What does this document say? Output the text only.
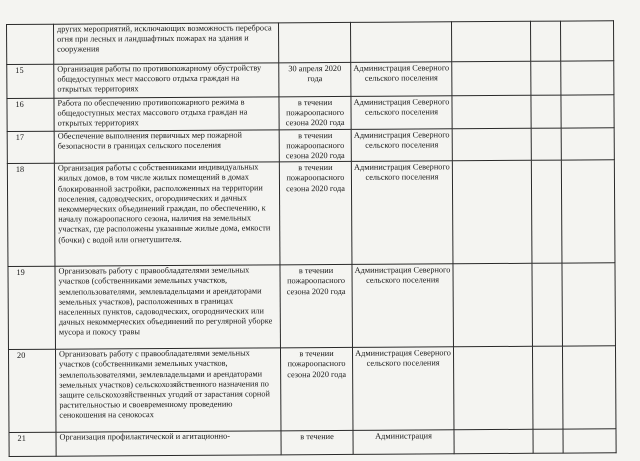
	других мероприятий, исключающих возможность переброса огня при лесных и ландшафтных пожарах на здания и сооружения					
15	Организация работы по противопожарному обустройству общедоступных мест массового отдыха граждан на открытых территориях	30 апреля 2020 года	Администрация Северного сельского поселения			
16	Работа по обеспечению противопожарного режима в общедоступных местах массового отдыха граждан на открытых территориях	в течении пожароопасного сезона 2020 года	Администрация Северного сельского поселения			
17	Обеспечение выполнения первичных мер пожарной безопасности в границах сельского поселения	в течении пожароопасного сезона 2020 года	Администрация Северного сельского поселения			
18	Организация работы с собственниками индивидуальных жилых домов, в том числе жилых помещений в домах блокированной застройки, расположенных на территории поселения, садоводческих, огороднических и дачных некоммерческих объединений граждан, по обеспечению, к началу пожароопасного сезона, наличия на земельных участках, где расположены указанные жилые дома, емкости (бочки) с водой или огнетушителя.	в течении пожароопасного сезона 2020 года	Администрация Северного сельского поселения			
19	Организовать работу с правообладателями земельных участков (собственниками земельных участков, землепользователями, землевладельцами и арендаторами земельных участков), расположенных в границах населенных пунктов, садоводческих, огороднических или дачных некоммерческих объединений по регулярной уборке мусора и покосу травы	в течении пожароопасного сезона 2020 года	Администрация Северного сельского поселения			
20	Организовать работу с правообладателями земельных участков (собственниками земельных участков, землепользователями, землевладельцами и арендаторами земельных участков) сельскохозяйственного назначения по защите сельскохозяйственных угодий от зарастания сорной растительностью и своевременному проведению сенокошения на сенокосах	в течении пожароопасного сезона 2020 года	Администрация Северного сельского поселения			
21	Организация профилактической и агитационно-	в течение	Администрация			
